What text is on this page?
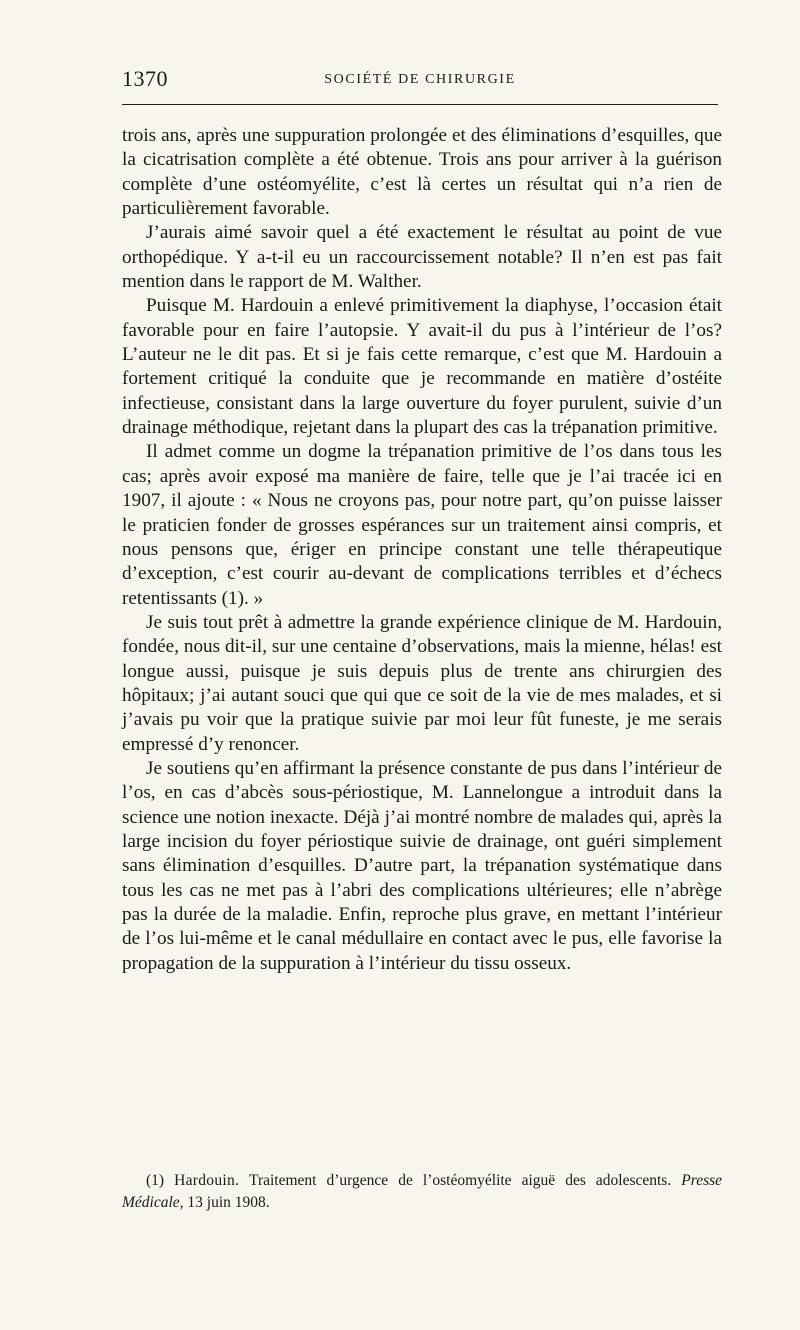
1370	SOCIÉTÉ DE CHIRURGIE

trois ans, après une suppuration prolongée et des éliminations d’esquilles, que la cicatrisation complète a été obtenue. Trois ans pour arriver à la guérison complète d’une ostéomyélite, c’est là certes un résultat qui n’a rien de particulièrement favorable.

J’aurais aimé savoir quel a été exactement le résultat au point de vue orthopédique. Y a-t-il eu un raccourcissement notable? Il n’en est pas fait mention dans le rapport de M. Walther.

Puisque M. Hardouin a enlevé primitivement la diaphyse, l’occasion était favorable pour en faire l’autopsie. Y avait-il du pus à l’intérieur de l’os? L’auteur ne le dit pas. Et si je fais cette remarque, c’est que M. Hardouin a fortement critiqué la conduite que je recommande en matière d’ostéite infectieuse, consistant dans la large ouverture du foyer purulent, suivie d’un drainage méthodique, rejetant dans la plupart des cas la trépanation primitive.

Il admet comme un dogme la trépanation primitive de l’os dans tous les cas; après avoir exposé ma manière de faire, telle que je l’ai tracée ici en 1907, il ajoute : « Nous ne croyons pas, pour notre part, qu’on puisse laisser le praticien fonder de grosses espérances sur un traitement ainsi compris, et nous pensons que, ériger en principe constant une telle thérapeutique d’exception, c’est courir au-devant de complications terribles et d’échecs retentissants (1). »

Je suis tout prêt à admettre la grande expérience clinique de M. Hardouin, fondée, nous dit-il, sur une centaine d’observations, mais la mienne, hélas! est longue aussi, puisque je suis depuis plus de trente ans chirurgien des hôpitaux; j’ai autant souci que qui que ce soit de la vie de mes malades, et si j’avais pu voir que la pratique suivie par moi leur fût funeste, je me serais empressé d’y renoncer.

Je soutiens qu’en affirmant la présence constante de pus dans l’intérieur de l’os, en cas d’abcès sous-périostique, M. Lannelongue a introduit dans la science une notion inexacte. Déjà j’ai montré nombre de malades qui, après la large incision du foyer périostique suivie de drainage, ont guéri simplement sans élimination d’esquilles. D’autre part, la trépanation systématique dans tous les cas ne met pas à l’abri des complications ultérieures; elle n’abrège pas la durée de la maladie. Enfin, reproche plus grave, en mettant l’intérieur de l’os lui-même et le canal médullaire en contact avec le pus, elle favorise la propagation de la suppuration à l’intérieur du tissu osseux.

(1) Hardouin. Traitement d’urgence de l’ostéomyélite aiguë des adolescents. Presse Médicale, 13 juin 1908.
